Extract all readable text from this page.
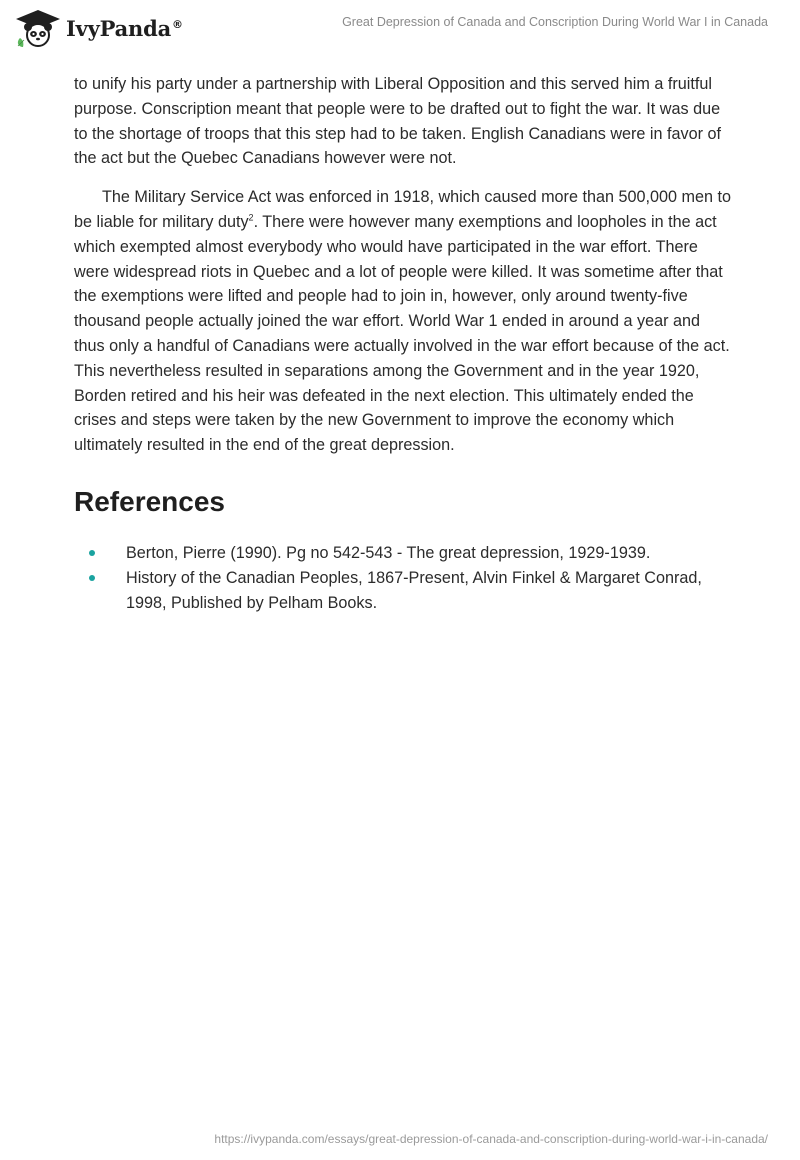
IvyPanda®	Great Depression of Canada and Conscription During World War I in Canada

to unify his party under a partnership with Liberal Opposition and this served him a fruitful purpose. Conscription meant that people were to be drafted out to fight the war. It was due to the shortage of troops that this step had to be taken. English Canadians were in favor of the act but the Quebec Canadians however were not.

The Military Service Act was enforced in 1918, which caused more than 500,000 men to be liable for military duty$^2$. There were however many exemptions and loopholes in the act which exempted almost everybody who would have participated in the war effort. There were widespread riots in Quebec and a lot of people were killed. It was sometime after that the exemptions were lifted and people had to join in, however, only around twenty-five thousand people actually joined the war effort. World War 1 ended in around a year and thus only a handful of Canadians were actually involved in the war effort because of the act. This nevertheless resulted in separations among the Government and in the year 1920, Borden retired and his heir was defeated in the next election. This ultimately ended the crises and steps were taken by the new Government to improve the economy which ultimately resulted in the end of the great depression.

References
Berton, Pierre (1990). Pg no 542-543 - The great depression, 1929-1939.
History of the Canadian Peoples, 1867-Present, Alvin Finkel & Margaret Conrad, 1998, Published by Pelham Books.
https://ivypanda.com/essays/great-depression-of-canada-and-conscription-during-world-war-i-in-canada/
